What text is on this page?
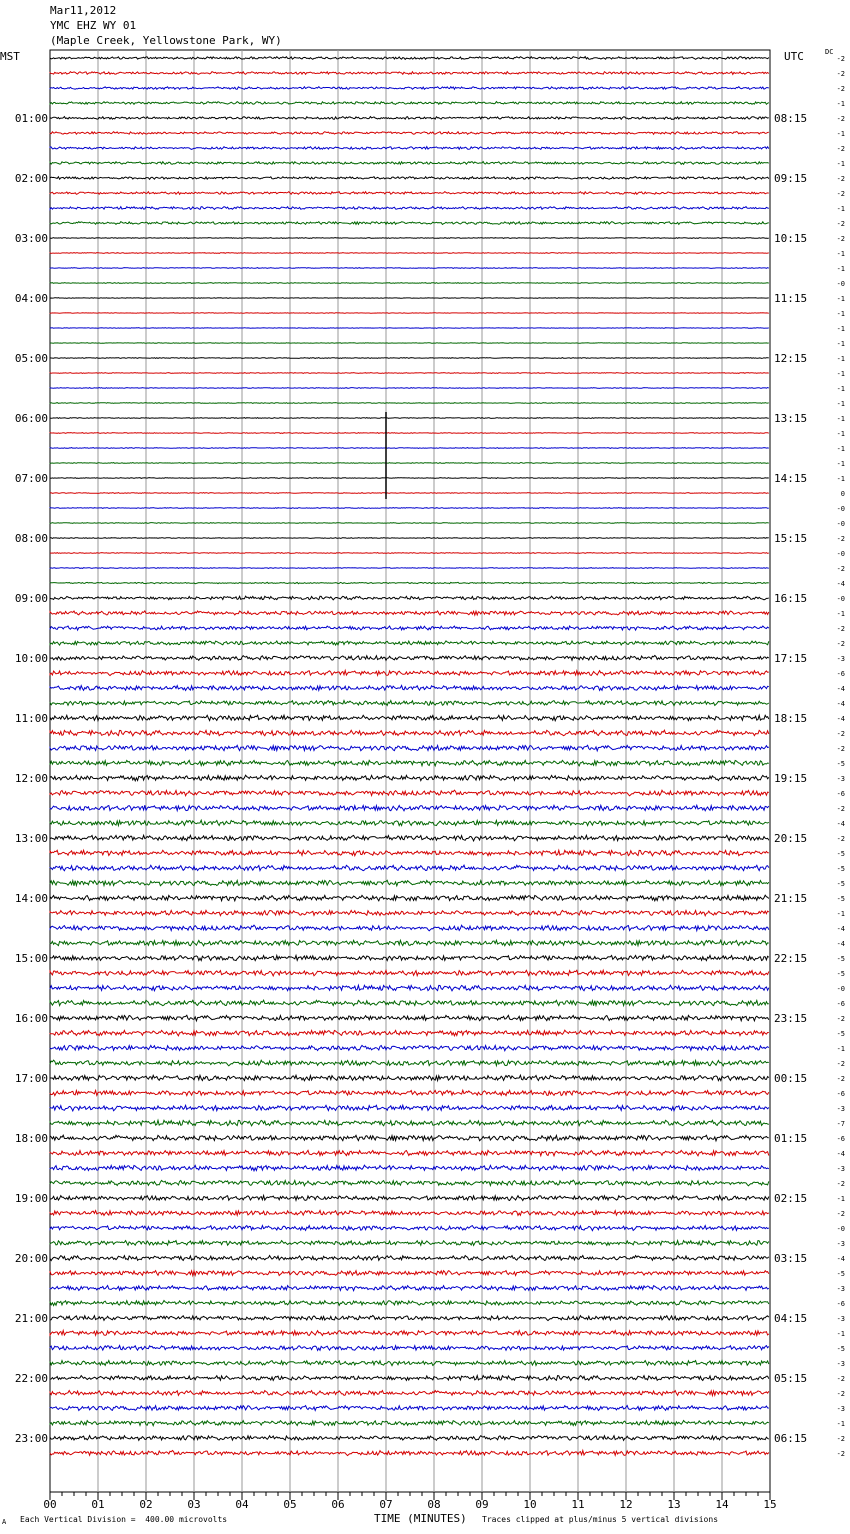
Mar11,2012
YMC EHZ WY 01
(Maple Creek, Yellowstone Park, WY)
MST	UTC	DC
01:00
02:00
03:00
04:00
05:00
06:00
07:00
08:00
09:00
10:00
11:00
12:00
13:00
14:00
15:00
16:00
17:00
18:00
19:00
20:00
21:00
22:00
23:00
08:15
09:15
10:15
11:15
12:15
13:15
14:15
15:15
16:15
17:15
18:15
19:15
20:15
21:15
22:15
23:15
00:15
01:15
02:15
03:15
04:15
05:15
06:15
-2
-2
-2
-1
-2
-1
-2
-1
-2
-2
-1
-2
-2
-1
-1
-0
-1
-1
-1
-1
-1
-1
-1
-1
-1
-1
-1
-1
-1
0
-0
-0
-2
-0
-2
-4
-0
-1
-2
-2
-3
-6
-4
-4
-4
-2
-2
-5
-3
-6
-2
-4
-2
-5
-5
-5
-5
-1
-4
-4
-5
-5
-0
-6
-2
-5
-1
-2
-2
-6
-3
-7
-6
-4
-3
-2
-1
-2
-0
-3
-4
-5
-3
-6
-3
-1
-5
-3
-2
-2
-3
-1
-2
-2
00	01	02	03	04	05	06	07	08	09	10	11	12	13	14	15
TIME (MINUTES)
A Each Vertical Division =  400.00 microvolts	Traces clipped at plus/minus 5 vertical divisions
